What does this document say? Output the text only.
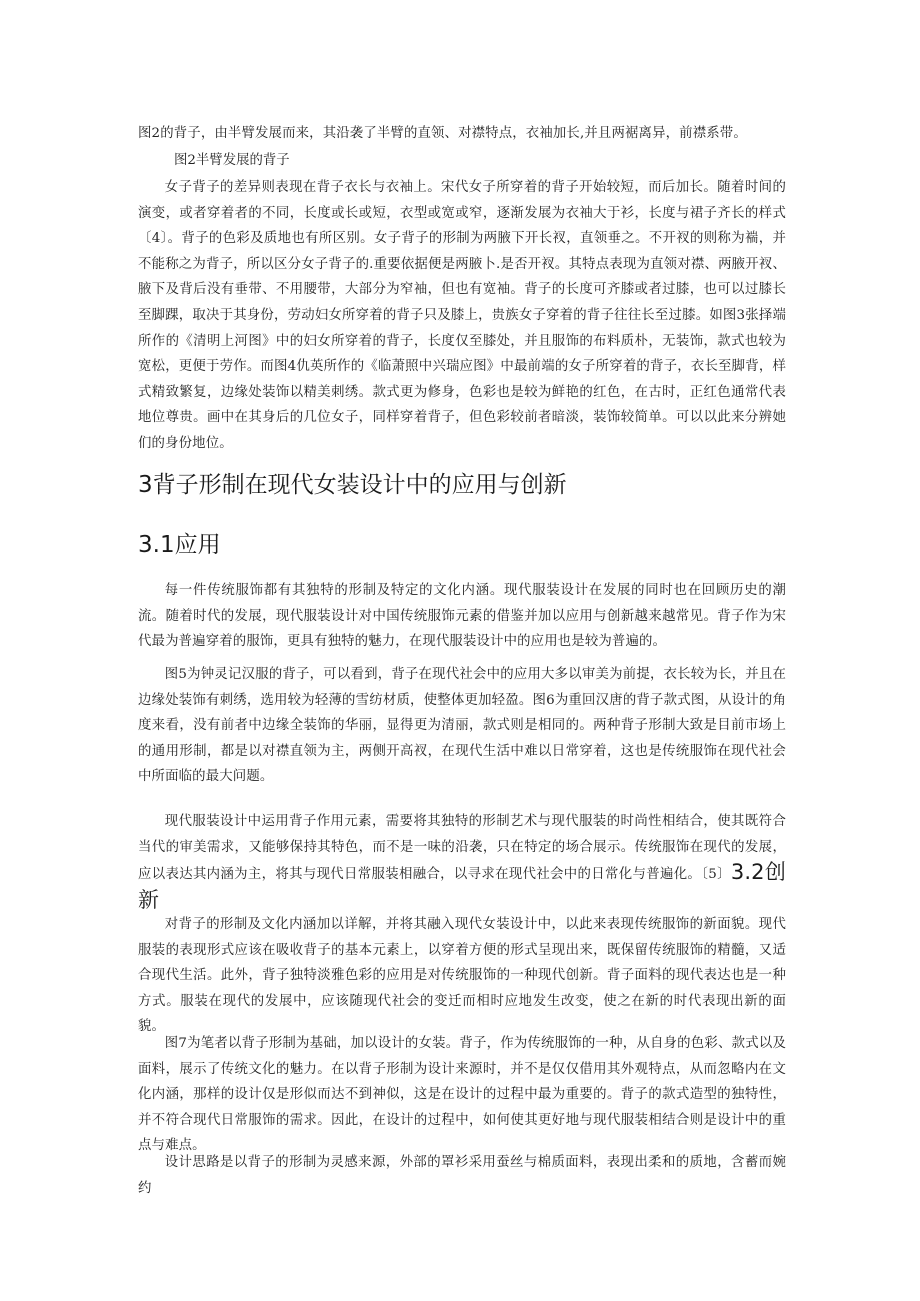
图2的背子，由半臂发展而来，其沿袭了半臂的直领、对襟特点，衣袖加长,并且两裾离异，前襟系带。

图2半臂发展的背子

女子背子的差异则表现在背子衣长与衣袖上。宋代女子所穿着的背子开始较短，而后加长。随着时间的演变，或者穿着者的不同，长度或长或短，衣型或宽或窄，逐渐发展为衣袖大于衫，长度与裙子齐长的样式〔4〕。背子的色彩及质地也有所区别。女子背子的形制为两腋下开长衩，直领垂之。不开衩的则称为褍，并不能称之为背子，所以区分女子背子的.重要依据便是两腋卜.是否开衩。其特点表现为直领对襟、两腋开衩、腋下及背后没有垂带、不用腰带，大部分为窄袖，但也有宽袖。背子的长度可齐膝或者过膝，也可以过膝长至脚踝，取决于其身份，劳动妇女所穿着的背子只及膝上，贵族女子穿着的背子往往长至过膝。如图3张择端所作的《清明上河图》中的妇女所穿着的背子，长度仅至膝处，并且服饰的布料质朴，无装饰，款式也较为宽松，更便于劳作。而图4仇英所作的《临萧照中兴瑞应图》中最前端的女子所穿着的背子，衣长至脚背，样式精致繁复，边缘处装饰以精美刺绣。款式更为修身，色彩也是较为鲜艳的红色，在古时，正红色通常代表地位尊贵。画中在其身后的几位女子，同样穿着背子，但色彩较前者暗淡，装饰较简单。可以以此来分辨她们的身份地位。

3背子形制在现代女装设计中的应用与创新
3.1应用

每一件传统服饰都有其独特的形制及特定的文化内涵。现代服装设计在发展的同时也在回顾历史的潮流。随着时代的发展，现代服装设计对中国传统服饰元素的借鉴并加以应用与创新越来越常见。背子作为宋代最为普遍穿着的服饰，更具有独特的魅力，在现代服装设计中的应用也是较为普遍的。

图5为钟灵记汉服的背子，可以看到，背子在现代社会中的应用大多以审美为前提，衣长较为长，并且在边缘处装饰有刺绣，选用较为轻薄的雪纺材质，使整体更加轻盈。图6为重回汉唐的背子款式图，从设计的角度来看，没有前者中边缘全装饰的华丽，显得更为清丽，款式则是相同的。两种背子形制大致是目前市场上的通用形制，都是以对襟直领为主，两侧开高衩，在现代生活中难以日常穿着，这也是传统服饰在现代社会中所面临的最大问题。

现代服装设计中运用背子作用元素，需要将其独特的形制艺术与现代服装的时尚性相结合，使其既符合当代的审美需求，又能够保持其特色，而不是一味的沿袭，只在特定的场合展示。传统服饰在现代的发展，应以表达其内涵为主，将其与现代日常服装相融合，以寻求在现代社会中的日常化与普遍化。〔5〕3.2创新

对背子的形制及文化内涵加以详解，并将其融入现代女装设计中，以此来表现传统服饰的新面貌。现代服装的表现形式应该在吸收背子的基本元素上，以穿着方便的形式呈现出来，既保留传统服饰的精髓，又适合现代生活。此外，背子独特淡雅色彩的应用是对传统服饰的一种现代创新。背子面料的现代表达也是一种方式。服装在现代的发展中，应该随现代社会的变迁而相时应地发生改变，使之在新的时代表现出新的面貌。

图7为笔者以背子形制为基础，加以设计的女装。背子，作为传统服饰的一种，从自身的色彩、款式以及面料，展示了传统文化的魅力。在以背子形制为设计来源时，并不是仅仅借用其外观特点，从而忽略内在文化内涵，那样的设计仅是形似而达不到神似，这是在设计的过程中最为重要的。背子的款式造型的独特性，并不符合现代日常服饰的需求。因此，在设计的过程中，如何使其更好地与现代服装相结合则是设计中的重点与难点。

设计思路是以背子的形制为灵感来源，外部的罩衫采用蚕丝与棉质面料，表现出柔和的质地，含蓄而婉约
